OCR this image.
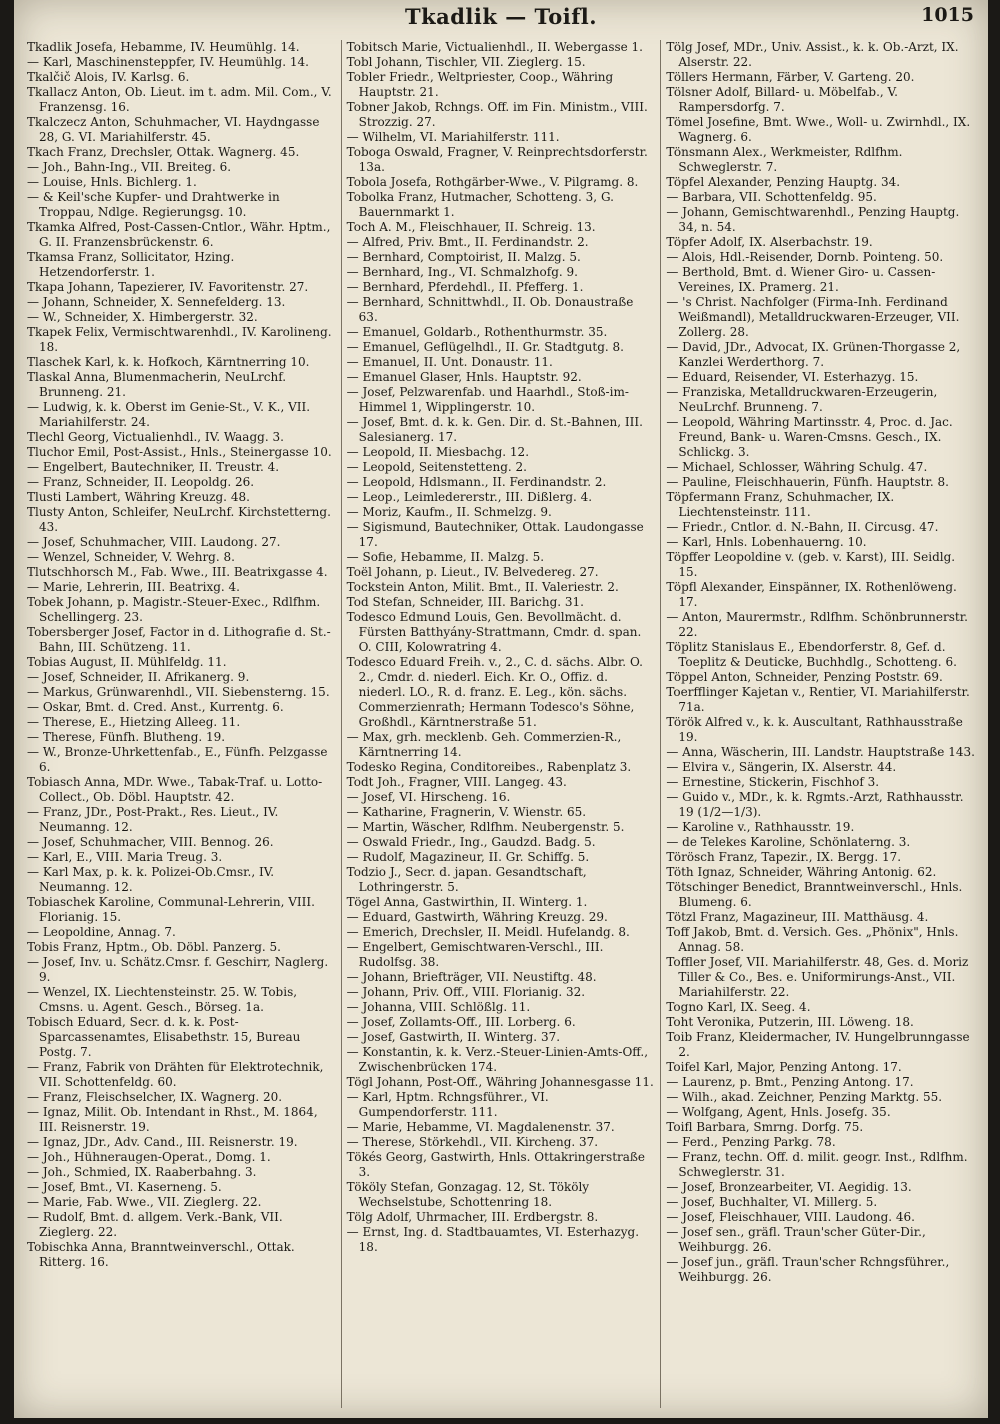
Tkadlik — Toifl.	1015

Tkadlik Josefa, Hebamme, IV. Heumühlg. 14.

— Karl, Maschinensteppfer, IV. Heumühlg. 14.

Tkalčič Alois, IV. Karlsg. 6.

Tkallacz Anton, Ob. Lieut. im t. adm. Mil. Com., V. Franzensg. 16.

Tkalczecz Anton, Schuhmacher, VI. Haydngasse 28, G. VI. Mariahilferstr. 45.

Tkach Franz, Drechsler, Ottak. Wagnerg. 45.

— Joh., Bahn-Ing., VII. Breiteg. 6.

— Louise, Hnls. Bichlerg. 1.

— & Keil'sche Kupfer- und Drahtwerke in Troppau, Ndlge. Regierungsg. 10.

Tkamka Alfred, Post-Cassen-Cntlor., Währ. Hptm., G. II. Franzensbrückenstr. 6.

Tkamsa Franz, Sollicitator, Hzing. Hetzendorferstr. 1.

Tkapa Johann, Tapezierer, IV. Favoritenstr. 27.

— Johann, Schneider, X. Sennefelderg. 13.

— W., Schneider, X. Himbergerstr. 32.

Tkapek Felix, Vermischtwarenhdl., IV. Karolineng. 18.

Tlaschek Karl, k. k. Hofkoch, Kärntnerring 10.

Tlaskal Anna, Blumenmacherin, NeuLrchf. Brunneng. 21.

— Ludwig, k. k. Oberst im Genie-St., V. K., VII. Mariahilferstr. 24.

Tlechl Georg, Victualienhdl., IV. Waagg. 3.

Tluchor Emil, Post-Assist., Hnls., Steinergasse 10.

— Engelbert, Bautechniker, II. Treustr. 4.

— Franz, Schneider, II. Leopoldg. 26.

Tlusti Lambert, Währing Kreuzg. 48.

Tlusty Anton, Schleifer, NeuLrchf. Kirchstetterng. 43.

— Josef, Schuhmacher, VIII. Laudong. 27.

— Wenzel, Schneider, V. Wehrg. 8.

Tlutschhorsch M., Fab. Wwe., III. Beatrixgasse 4.

— Marie, Lehrerin, III. Beatrixg. 4.

Tobek Johann, p. Magistr.-Steuer-Exec., Rdlfhm. Schellingerg. 23.

Tobersberger Josef, Factor in d. Lithografie d. St.-Bahn, III. Schützeng. 11.

Tobias August, II. Mühlfeldg. 11.

— Josef, Schneider, II. Afrikanerg. 9.

— Markus, Grünwarenhdl., VII. Siebensterng. 15.

— Oskar, Bmt. d. Cred. Anst., Kurrentg. 6.

— Therese, E., Hietzing Alleeg. 11.

— Therese, Fünfh. Blutheng. 19.

— W., Bronze-Uhrkettenfab., E., Fünfh. Pelzgasse 6.

Tobiasch Anna, MDr. Wwe., Tabak-Traf. u. Lotto-Collect., Ob. Döbl. Hauptstr. 42.

— Franz, JDr., Post-Prakt., Res. Lieut., IV. Neumanng. 12.

— Josef, Schuhmacher, VIII. Bennog. 26.

— Karl, E., VIII. Maria Treug. 3.

— Karl Max, p. k. k. Polizei-Ob.Cmsr., IV. Neumanng. 12.

Tobiaschek Karoline, Communal-Lehrerin, VIII. Florianig. 15.

— Leopoldine, Annag. 7.

Tobis Franz, Hptm., Ob. Döbl. Panzerg. 5.

— Josef, Inv. u. Schätz.Cmsr. f. Geschirr, Naglerg. 9.

— Wenzel, IX. Liechtensteinstr. 25. W. Tobis, Cmsns. u. Agent. Gesch., Börseg. 1a.

Tobisch Eduard, Secr. d. k. k. Post-Sparcassenamtes, Elisabethstr. 15, Bureau Postg. 7.

— Franz, Fabrik von Drähten für Elektrotechnik, VII. Schottenfeldg. 60.

— Franz, Fleischselcher, IX. Wagnerg. 20.

— Ignaz, Milit. Ob. Intendant in Rhst., M. 1864, III. Reisnerstr. 19.

— Ignaz, JDr., Adv. Cand., III. Reisnerstr. 19.

— Joh., Hühneraugen-Operat., Domg. 1.

— Joh., Schmied, IX. Raaberbahng. 3.

— Josef, Bmt., VI. Kaserneng. 5.

— Marie, Fab. Wwe., VII. Zieglerg. 22.

— Rudolf, Bmt. d. allgem. Verk.-Bank, VII. Zieglerg. 22.

Tobischka Anna, Branntweinverschl., Ottak. Ritterg. 16.

Tobitsch Marie, Victualienhdl., II. Webergasse 1.

Tobl Johann, Tischler, VII. Zieglerg. 15.

Tobler Friedr., Weltpriester, Coop., Währing Hauptstr. 21.

Tobner Jakob, Rchngs. Off. im Fin. Ministm., VIII. Strozzig. 27.

— Wilhelm, VI. Mariahilferstr. 111.

Toboga Oswald, Fragner, V. Reinprechtsdorferstr. 13a.

Tobola Josefa, Rothgärber-Wwe., V. Pilgramg. 8.

Tobolka Franz, Hutmacher, Schotteng. 3, G. Bauernmarkt 1.

Toch A. M., Fleischhauer, II. Schreig. 13.

— Alfred, Priv. Bmt., II. Ferdinandstr. 2.

— Bernhard, Comptoirist, II. Malzg. 5.

— Bernhard, Ing., VI. Schmalzhofg. 9.

— Bernhard, Pferdehdl., II. Pfefferg. 1.

— Bernhard, Schnittwhdl., II. Ob. Donaustraße 63.

— Emanuel, Goldarb., Rothenthurmstr. 35.

— Emanuel, Geflügelhdl., II. Gr. Stadtgutg. 8.

— Emanuel, II. Unt. Donaustr. 11.

— Emanuel Glaser, Hnls. Hauptstr. 92.

— Josef, Pelzwarenfab. und Haarhdl., Stoß-im-Himmel 1, Wipplingerstr. 10.

— Josef, Bmt. d. k. k. Gen. Dir. d. St.-Bahnen, III. Salesianerg. 17.

— Leopold, II. Miesbachg. 12.

— Leopold, Seitenstetteng. 2.

— Leopold, Hdlsmann., II. Ferdinandstr. 2.

— Leop., Leimledererstr., III. Dißlerg. 4.

— Moriz, Kaufm., II. Schmelzg. 9.

— Sigismund, Bautechniker, Ottak. Laudongasse 17.

— Sofie, Hebamme, II. Malzg. 5.

Toël Johann, p. Lieut., IV. Belvedereg. 27.

Tockstein Anton, Milit. Bmt., II. Valeriestr. 2.

Tod Stefan, Schneider, III. Barichg. 31.

Todesco Edmund Louis, Gen. Bevollmächt. d. Fürsten Batthyány-Strattmann, Cmdr. d. span. O. CIII, Kolowratring 4.

Todesco Eduard Freih. v., 2., C. d. sächs. Albr. O. 2., Cmdr. d. niederl. Eich. Kr. O., Offiz. d. niederl. LO., R. d. franz. E. Leg., kön. sächs. Commerzienrath; Hermann Todesco's Söhne, Großhdl., Kärntnerstraße 51.

— Max, grh. mecklenb. Geh. Commerzien-R., Kärntnerring 14.

Todesko Regina, Conditoreibes., Rabenplatz 3.

Todt Joh., Fragner, VIII. Langeg. 43.

— Josef, VI. Hirscheng. 16.

— Katharine, Fragnerin, V. Wienstr. 65.

— Martin, Wäscher, Rdlfhm. Neubergenstr. 5.

— Oswald Friedr., Ing., Gaudzd. Badg. 5.

— Rudolf, Magazineur, II. Gr. Schiffg. 5.

Todzio J., Secr. d. japan. Gesandtschaft, Lothringerstr. 5.

Tögel Anna, Gastwirthin, II. Winterg. 1.

— Eduard, Gastwirth, Währing Kreuzg. 29.

— Emerich, Drechsler, II. Meidl. Hufelandg. 8.

— Engelbert, Gemischtwaren-Verschl., III. Rudolfsg. 38.

— Johann, Briefträger, VII. Neustiftg. 48.

— Johann, Priv. Off., VIII. Florianig. 32.

— Johanna, VIII. Schlößlg. 11.

— Josef, Zollamts-Off., III. Lorberg. 6.

— Josef, Gastwirth, II. Winterg. 37.

— Konstantin, k. k. Verz.-Steuer-Linien-Amts-Off., Zwischenbrücken 174.

Tögl Johann, Post-Off., Währing Johannesgasse 11.

— Karl, Hptm. Rchngsführer., VI. Gumpendorferstr. 111.

— Marie, Hebamme, VI. Magdalenenstr. 37.

— Therese, Störkehdl., VII. Kircheng. 37.

Tökés Georg, Gastwirth, Hnls. Ottakringerstraße 3.

Tököly Stefan, Gonzagag. 12, St. Tököly Wechselstube, Schottenring 18.

Tölg Adolf, Uhrmacher, III. Erdbergstr. 8.

— Ernst, Ing. d. Stadtbauamtes, VI. Esterhazyg. 18.

Tölg Josef, MDr., Univ. Assist., k. k. Ob.-Arzt, IX. Alserstr. 22.

Töllers Hermann, Färber, V. Garteng. 20.

Tölsner Adolf, Billard- u. Möbelfab., V. Rampersdorfg. 7.

Tömel Josefine, Bmt. Wwe., Woll- u. Zwirnhdl., IX. Wagnerg. 6.

Tönsmann Alex., Werkmeister, Rdlfhm. Schweglerstr. 7.

Töpfel Alexander, Penzing Hauptg. 34.

— Barbara, VII. Schottenfeldg. 95.

— Johann, Gemischtwarenhdl., Penzing Hauptg. 34, n. 54.

Töpfer Adolf, IX. Alserbachstr. 19.

— Alois, Hdl.-Reisender, Dornb. Pointeng. 50.

— Berthold, Bmt. d. Wiener Giro- u. Cassen-Vereines, IX. Pramerg. 21.

— 's Christ. Nachfolger (Firma-Inh. Ferdinand Weißmandl), Metalldruckwaren-Erzeuger, VII. Zollerg. 28.

— David, JDr., Advocat, IX. Grünen-Thorgasse 2, Kanzlei Werderthorg. 7.

— Eduard, Reisender, VI. Esterhazyg. 15.

— Franziska, Metalldruckwaren-Erzeugerin, NeuLrchf. Brunneng. 7.

— Leopold, Währing Martinsstr. 4, Proc. d. Jac. Freund, Bank- u. Waren-Cmsns. Gesch., IX. Schlickg. 3.

— Michael, Schlosser, Währing Schulg. 47.

— Pauline, Fleischhauerin, Fünfh. Hauptstr. 8.

Töpfermann Franz, Schuhmacher, IX. Liechtensteinstr. 111.

— Friedr., Cntlor. d. N.-Bahn, II. Circusg. 47.

— Karl, Hnls. Lobenhauerng. 10.

Töpffer Leopoldine v. (geb. v. Karst), III. Seidlg. 15.

Töpfl Alexander, Einspänner, IX. Rothenlöweng. 17.

— Anton, Maurermstr., Rdlfhm. Schönbrunnerstr. 22.

Töplitz Stanislaus E., Ebendorferstr. 8, Gef. d. Toeplitz & Deuticke, Buchhdlg., Schotteng. 6.

Töppel Anton, Schneider, Penzing Poststr. 69.

Toerfflinger Kajetan v., Rentier, VI. Mariahilferstr. 71a.

Török Alfred v., k. k. Auscultant, Rathhausstraße 19.

— Anna, Wäscherin, III. Landstr. Hauptstraße 143.

— Elvira v., Sängerin, IX. Alserstr. 44.

— Ernestine, Stickerin, Fischhof 3.

— Guido v., MDr., k. k. Rgmts.-Arzt, Rathhausstr. 19 (1/2—1/3).

— Karoline v., Rathhausstr. 19.

— de Telekes Karoline, Schönlaterng. 3.

Törösch Franz, Tapezir., IX. Bergg. 17.

Töth Ignaz, Schneider, Währing Antonig. 62.

Tötschinger Benedict, Branntweinverschl., Hnls. Blumeng. 6.

Tötzl Franz, Magazineur, III. Matthäusg. 4.

Toff Jakob, Bmt. d. Versich. Ges. „Phönix", Hnls. Annag. 58.

Toffler Josef, VII. Mariahilferstr. 48, Ges. d. Moriz Tiller & Co., Bes. e. Uniformirungs-Anst., VII. Mariahilferstr. 22.

Togno Karl, IX. Seeg. 4.

Toht Veronika, Putzerin, III. Löweng. 18.

Toib Franz, Kleidermacher, IV. Hungelbrunngasse 2.

Toifel Karl, Major, Penzing Antong. 17.

— Laurenz, p. Bmt., Penzing Antong. 17.

— Wilh., akad. Zeichner, Penzing Marktg. 55.

— Wolfgang, Agent, Hnls. Josefg. 35.

Toifl Barbara, Smrng. Dorfg. 75.

— Ferd., Penzing Parkg. 78.

— Franz, techn. Off. d. milit. geogr. Inst., Rdlfhm. Schweglerstr. 31.

— Josef, Bronzearbeiter, VI. Aegidig. 13.

— Josef, Buchhalter, VI. Millerg. 5.

— Josef, Fleischhauer, VIII. Laudong. 46.

— Josef sen., gräfl. Traun'scher Güter-Dir., Weihburgg. 26.

— Josef jun., gräfl. Traun'scher Rchngsführer., Weihburgg. 26.
